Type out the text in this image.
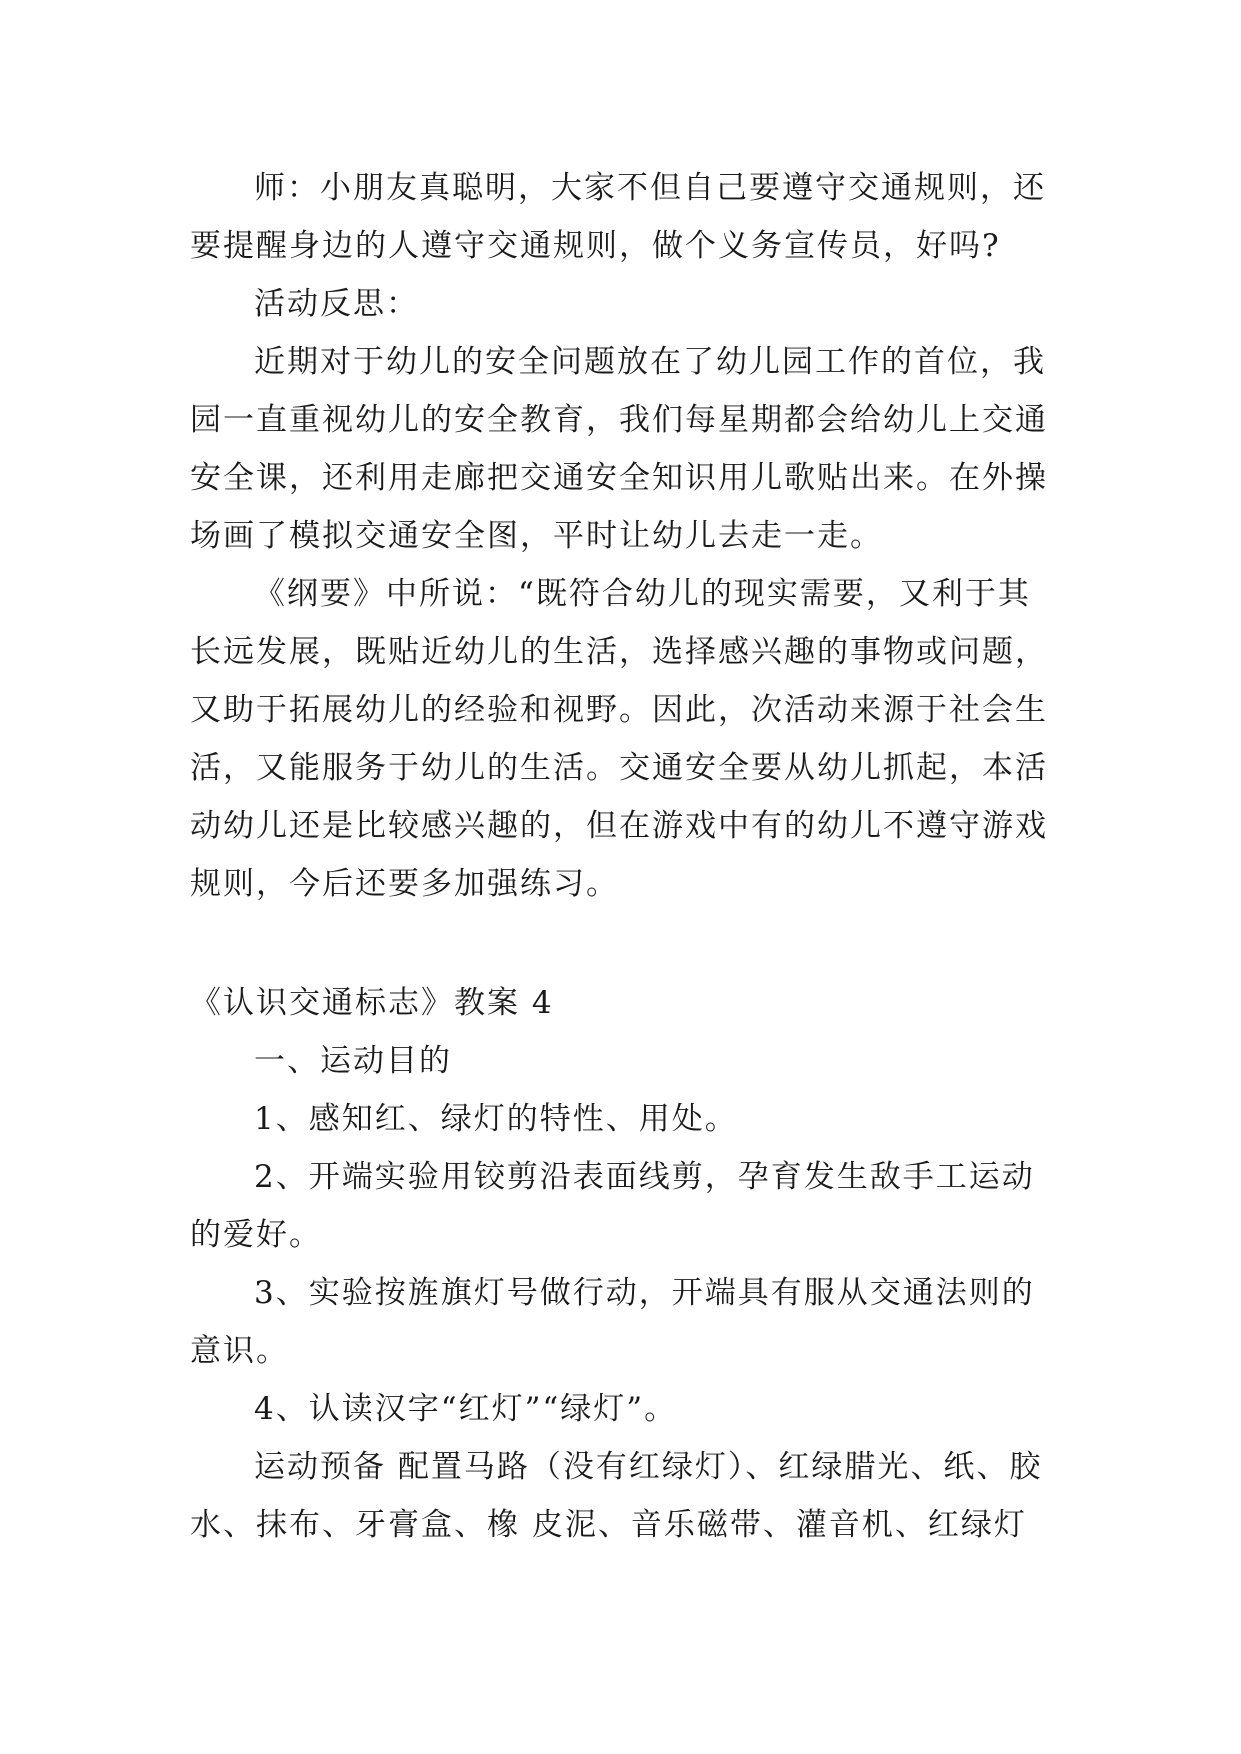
师：小朋友真聪明，大家不但自己要遵守交通规则，还
要提醒身边的人遵守交通规则，做个义务宣传员，好吗?
活动反思：
近期对于幼儿的安全问题放在了幼儿园工作的首位，我
园一直重视幼儿的安全教育，我们每星期都会给幼儿上交通
安全课，还利用走廊把交通安全知识用儿歌贴出来。在外操
场画了模拟交通安全图，平时让幼儿去走一走。
《纲要》中所说：“既符合幼儿的现实需要，又利于其
长远发展，既贴近幼儿的生活，选择感兴趣的事物或问题，
又助于拓展幼儿的经验和视野。因此，次活动来源于社会生
活，又能服务于幼儿的生活。交通安全要从幼儿抓起，本活
动幼儿还是比较感兴趣的，但在游戏中有的幼儿不遵守游戏
规则，今后还要多加强练习。
《认识交通标志》教案 4
一、运动目的
1、感知红、绿灯的特性、用处。
2、开端实验用铰剪沿表面线剪，孕育发生敌手工运动
的爱好。
3、实验按旌旗灯号做行动，开端具有服从交通法则的
意识。
4、认读汉字“红灯”“绿灯”。
运动预备 配置马路（没有红绿灯）、红绿腊光、纸、胶
水、抹布、牙膏盒、橡 皮泥、音乐磁带、灌音机、红绿灯
